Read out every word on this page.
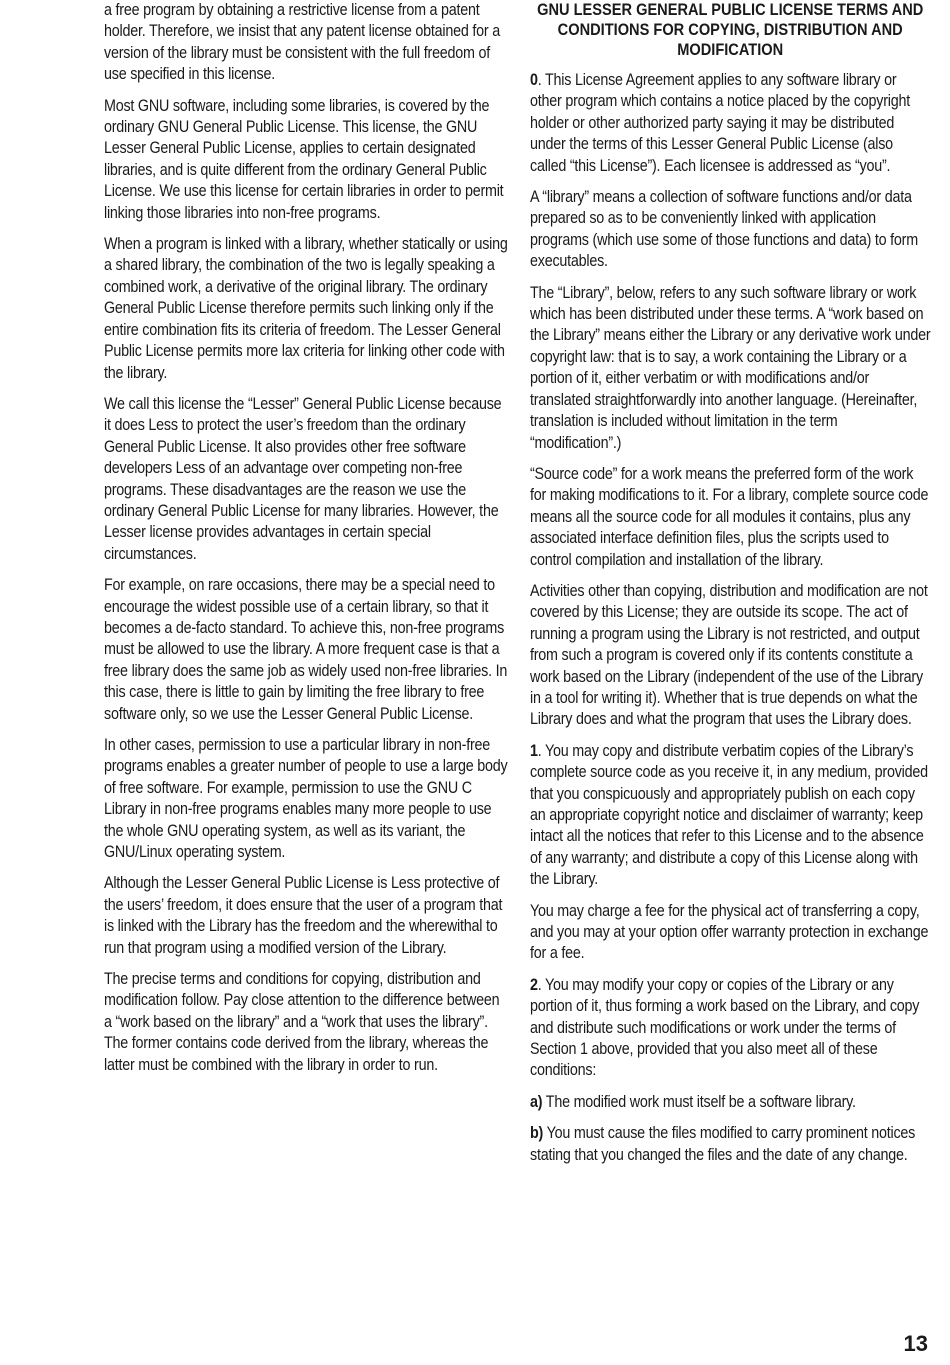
a free program by obtaining a restrictive license from a patent holder. Therefore, we insist that any patent license obtained for a version of the library must be consistent with the full freedom of use specified in this license.

Most GNU software, including some libraries, is covered by the ordinary GNU General Public License. This license, the GNU Lesser General Public License, applies to certain designated libraries, and is quite different from the ordinary General Public License. We use this license for certain libraries in order to permit linking those libraries into non-free programs.

When a program is linked with a library, whether statically or using a shared library, the combination of the two is legally speaking a combined work, a derivative of the original library. The ordinary General Public License therefore permits such linking only if the entire combination fits its criteria of freedom. The Lesser General Public License permits more lax criteria for linking other code with the library.

We call this license the “Lesser” General Public License because it does Less to protect the user’s freedom than the ordinary General Public License. It also provides other free software developers Less of an advantage over competing non-free programs. These disadvantages are the reason we use the ordinary General Public License for many libraries. However, the Lesser license provides advantages in certain special circumstances.

For example, on rare occasions, there may be a special need to encourage the widest possible use of a certain library, so that it becomes a de-facto standard. To achieve this, non-free programs must be allowed to use the library. A more frequent case is that a free library does the same job as widely used non-free libraries. In this case, there is little to gain by limiting the free library to free software only, so we use the Lesser General Public License.

In other cases, permission to use a particular library in non-free programs enables a greater number of people to use a large body of free software. For example, permission to use the GNU C Library in non-free programs enables many more people to use the whole GNU operating system, as well as its variant, the GNU/Linux operating system.

Although the Lesser General Public License is Less protective of the users’ freedom, it does ensure that the user of a program that is linked with the Library has the freedom and the wherewithal to run that program using a modified version of the Library.

The precise terms and conditions for copying, distribution and modification follow. Pay close attention to the difference between a “work based on the library” and a “work that uses the library”. The former contains code derived from the library, whereas the latter must be combined with the library in order to run.

GNU LESSER GENERAL PUBLIC LICENSE TERMS AND CONDITIONS FOR COPYING, DISTRIBUTION AND MODIFICATION

0. This License Agreement applies to any software library or other program which contains a notice placed by the copyright holder or other authorized party saying it may be distributed under the terms of this Lesser General Public License (also called “this License”). Each licensee is addressed as “you”.

A “library” means a collection of software functions and/or data prepared so as to be conveniently linked with application programs (which use some of those functions and data) to form executables.

The “Library”, below, refers to any such software library or work which has been distributed under these terms. A “work based on the Library” means either the Library or any derivative work under copyright law: that is to say, a work containing the Library or a portion of it, either verbatim or with modifications and/or translated straightforwardly into another language. (Hereinafter, translation is included without limitation in the term “modification”.)

“Source code” for a work means the preferred form of the work for making modifications to it. For a library, complete source code means all the source code for all modules it contains, plus any associated interface definition files, plus the scripts used to control compilation and installation of the library.

Activities other than copying, distribution and modification are not covered by this License; they are outside its scope. The act of running a program using the Library is not restricted, and output from such a program is covered only if its contents constitute a work based on the Library (independent of the use of the Library in a tool for writing it). Whether that is true depends on what the Library does and what the program that uses the Library does.

1. You may copy and distribute verbatim copies of the Library’s complete source code as you receive it, in any medium, provided that you conspicuously and appropriately publish on each copy an appropriate copyright notice and disclaimer of warranty; keep intact all the notices that refer to this License and to the absence of any warranty; and distribute a copy of this License along with the Library.

You may charge a fee for the physical act of transferring a copy, and you may at your option offer warranty protection in exchange for a fee.

2. You may modify your copy or copies of the Library or any portion of it, thus forming a work based on the Library, and copy and distribute such modifications or work under the terms of Section 1 above, provided that you also meet all of these conditions:

a) The modified work must itself be a software library.

b) You must cause the files modified to carry prominent notices stating that you changed the files and the date of any change.

13
